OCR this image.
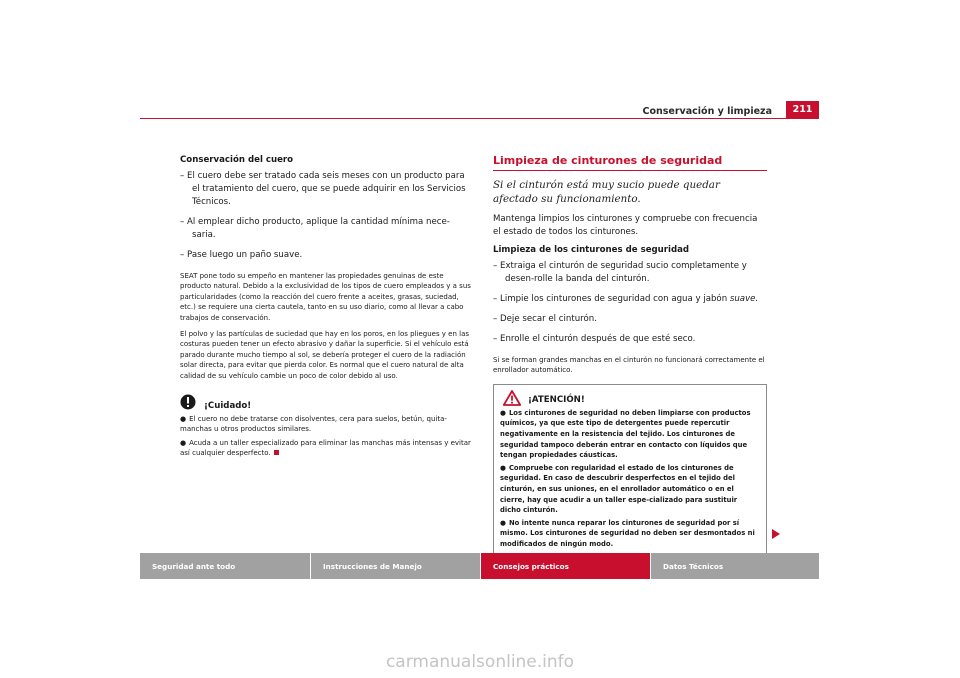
Conservación y limpieza	211
Conservación del cuero
– El cuero debe ser tratado cada seis meses con un producto para el tratamiento del cuero, que se puede adquirir en los Servicios Técnicos.
– Al emplear dicho producto, aplique la cantidad mínima nece-saria.
– Pase luego un paño suave.

SEAT pone todo su empeño en mantener las propiedades genuinas de este producto natural. Debido a la exclusividad de los tipos de cuero empleados y a sus particularidades (como la reacción del cuero frente a aceites, grasas, suciedad, etc.) se requiere una cierta cautela, tanto en su uso diario, como al llevar a cabo trabajos de conservación.

El polvo y las partículas de suciedad que hay en los poros, en los pliegues y en las costuras pueden tener un efecto abrasivo y dañar la superficie. Si el vehículo está parado durante mucho tiempo al sol, se debería proteger el cuero de la radiación solar directa, para evitar que pierda color. Es normal que el cuero natural de alta calidad de su vehículo cambie un poco de color debido al uso.

¡Cuidado!

● El cuero no debe tratarse con disolventes, cera para suelos, betún, quita-manchas u otros productos similares.

● Acuda a un taller especializado para eliminar las manchas más intensas y evitar así cualquier desperfecto.

Limpieza de cinturones de seguridad

Si el cinturón está muy sucio puede quedar afectado su funcionamiento.

Mantenga limpios los cinturones y compruebe con frecuencia el estado de todos los cinturones.

Limpieza de los cinturones de seguridad
– Extraiga el cinturón de seguridad sucio completamente y desen-rolle la banda del cinturón.
– Limpie los cinturones de seguridad con agua y jabón suave.
– Deje secar el cinturón.
– Enrolle el cinturón después de que esté seco.

Si se forman grandes manchas en el cinturón no funcionará correctamente el enrollador automático.

¡ATENCIÓN!

● Los cinturones de seguridad no deben limpiarse con productos químicos, ya que este tipo de detergentes puede repercutir negativamente en la resistencia del tejido. Los cinturones de seguridad tampoco deberán entrar en contacto con líquidos que tengan propiedades cáusticas.

● Compruebe con regularidad el estado de los cinturones de seguridad. En caso de descubrir desperfectos en el tejido del cinturón, en sus uniones, en el enrollador automático o en el cierre, hay que acudir a un taller espe-cializado para sustituir dicho cinturón.

● No intente nunca reparar los cinturones de seguridad por sí mismo. Los cinturones de seguridad no deben ser desmontados ni modificados de ningún modo.

Seguridad ante todo	Instrucciones de Manejo	Consejos prácticos	Datos Técnicos
carmanualsonline.info
